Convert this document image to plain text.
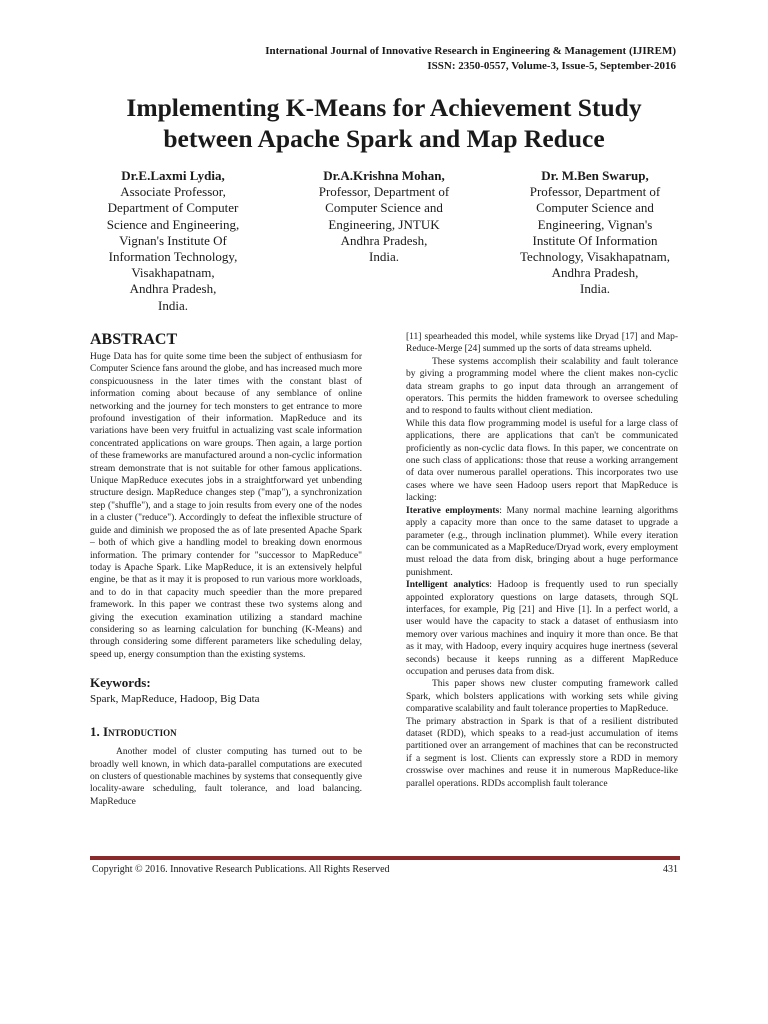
International Journal of Innovative Research in Engineering & Management (IJIREM)
ISSN: 2350-0557, Volume-3, Issue-5, September-2016
Implementing K-Means for Achievement Study
between Apache Spark and Map Reduce
Dr.E.Laxmi Lydia,
Associate Professor,
Department of Computer
Science and Engineering,
Vignan's Institute Of
Information Technology,
Visakhapatnam,
Andhra Pradesh,
India.
Dr.A.Krishna Mohan,
Professor, Department of
Computer Science and
Engineering, JNTUK
Andhra Pradesh,
India.
Dr. M.Ben Swarup,
Professor, Department of
Computer Science and
Engineering, Vignan's
Institute Of Information
Technology, Visakhapatnam,
Andhra Pradesh,
India.
ABSTRACT

Huge Data has for quite some time been the subject of enthusiasm for Computer Science fans around the globe, and has increased much more conspicuousness in the later times with the constant blast of information coming about because of any semblance of online networking and the journey for tech monsters to get entrance to more profound investigation of their information. MapReduce and its variations have been very fruitful in actualizing vast scale information concentrated applications on ware groups. Then again, a large portion of these frameworks are manufactured around a non-cyclic information stream demonstrate that is not suitable for other famous applications. Unique MapReduce executes jobs in a straightforward yet unbending structure design. MapReduce changes step ("map"), a synchronization step ("shuffle"), and a stage to join results from every one of the nodes in a cluster ("reduce"). Accordingly to defeat the inflexible structure of guide and diminish we proposed the as of late presented Apache Spark – both of which give a handling model to breaking down enormous information. The primary contender for "successor to MapReduce" today is Apache Spark. Like MapReduce, it is an extensively helpful engine, be that as it may it is proposed to run various more workloads, and to do in that capacity much speedier than the more prepared framework. In this paper we contrast these two systems along and giving the execution examination utilizing a standard machine considering so as learning calculation for bunching (K-Means) and through considering some different parameters like scheduling delay, speed up, energy consumption than the existing systems.

Keywords:
Spark, MapReduce, Hadoop, Big Data
1. Introduction

Another model of cluster computing has turned out to be broadly well known, in which data-parallel computations are executed on clusters of questionable machines by systems that consequently give locality-aware scheduling, fault tolerance, and load balancing. MapReduce

[11] spearheaded this model, while systems like Dryad [17] and Map-Reduce-Merge [24] summed up the sorts of data streams upheld.

These systems accomplish their scalability and fault tolerance by giving a programming model where the client makes non-cyclic data stream graphs to go input data through an arrangement of operators. This permits the hidden framework to oversee scheduling and to respond to faults without client mediation.

While this data flow programming model is useful for a large class of applications, there are applications that can't be communicated proficiently as non-cyclic data flows. In this paper, we concentrate on one such class of applications: those that reuse a working arrangement of data over numerous parallel operations. This incorporates two use cases where we have seen Hadoop users report that MapReduce is lacking:

Iterative employments: Many normal machine learning algorithms apply a capacity more than once to the same dataset to upgrade a parameter (e.g., through inclination plummet). While every iteration can be communicated as a MapReduce/Dryad work, every employment must reload the data from disk, bringing about a huge performance punishment.

Intelligent analytics: Hadoop is frequently used to run specially appointed exploratory questions on large datasets, through SQL interfaces, for example, Pig [21] and Hive [1]. In a perfect world, a user would have the capacity to stack a dataset of enthusiasm into memory over various machines and inquiry it more than once. Be that as it may, with Hadoop, every inquiry acquires huge inertness (several seconds) because it keeps running as a different MapReduce occupation and peruses data from disk.

This paper shows new cluster computing framework called Spark, which bolsters applications with working sets while giving comparative scalability and fault tolerance properties to MapReduce.

The primary abstraction in Spark is that of a resilient distributed dataset (RDD), which speaks to a read-just accumulation of items partitioned over an arrangement of machines that can be reconstructed if a segment is lost. Clients can expressly store a RDD in memory crosswise over machines and reuse it in numerous MapReduce-like parallel operations. RDDs accomplish fault tolerance

Copyright © 2016. Innovative Research Publications. All Rights Reserved	431
